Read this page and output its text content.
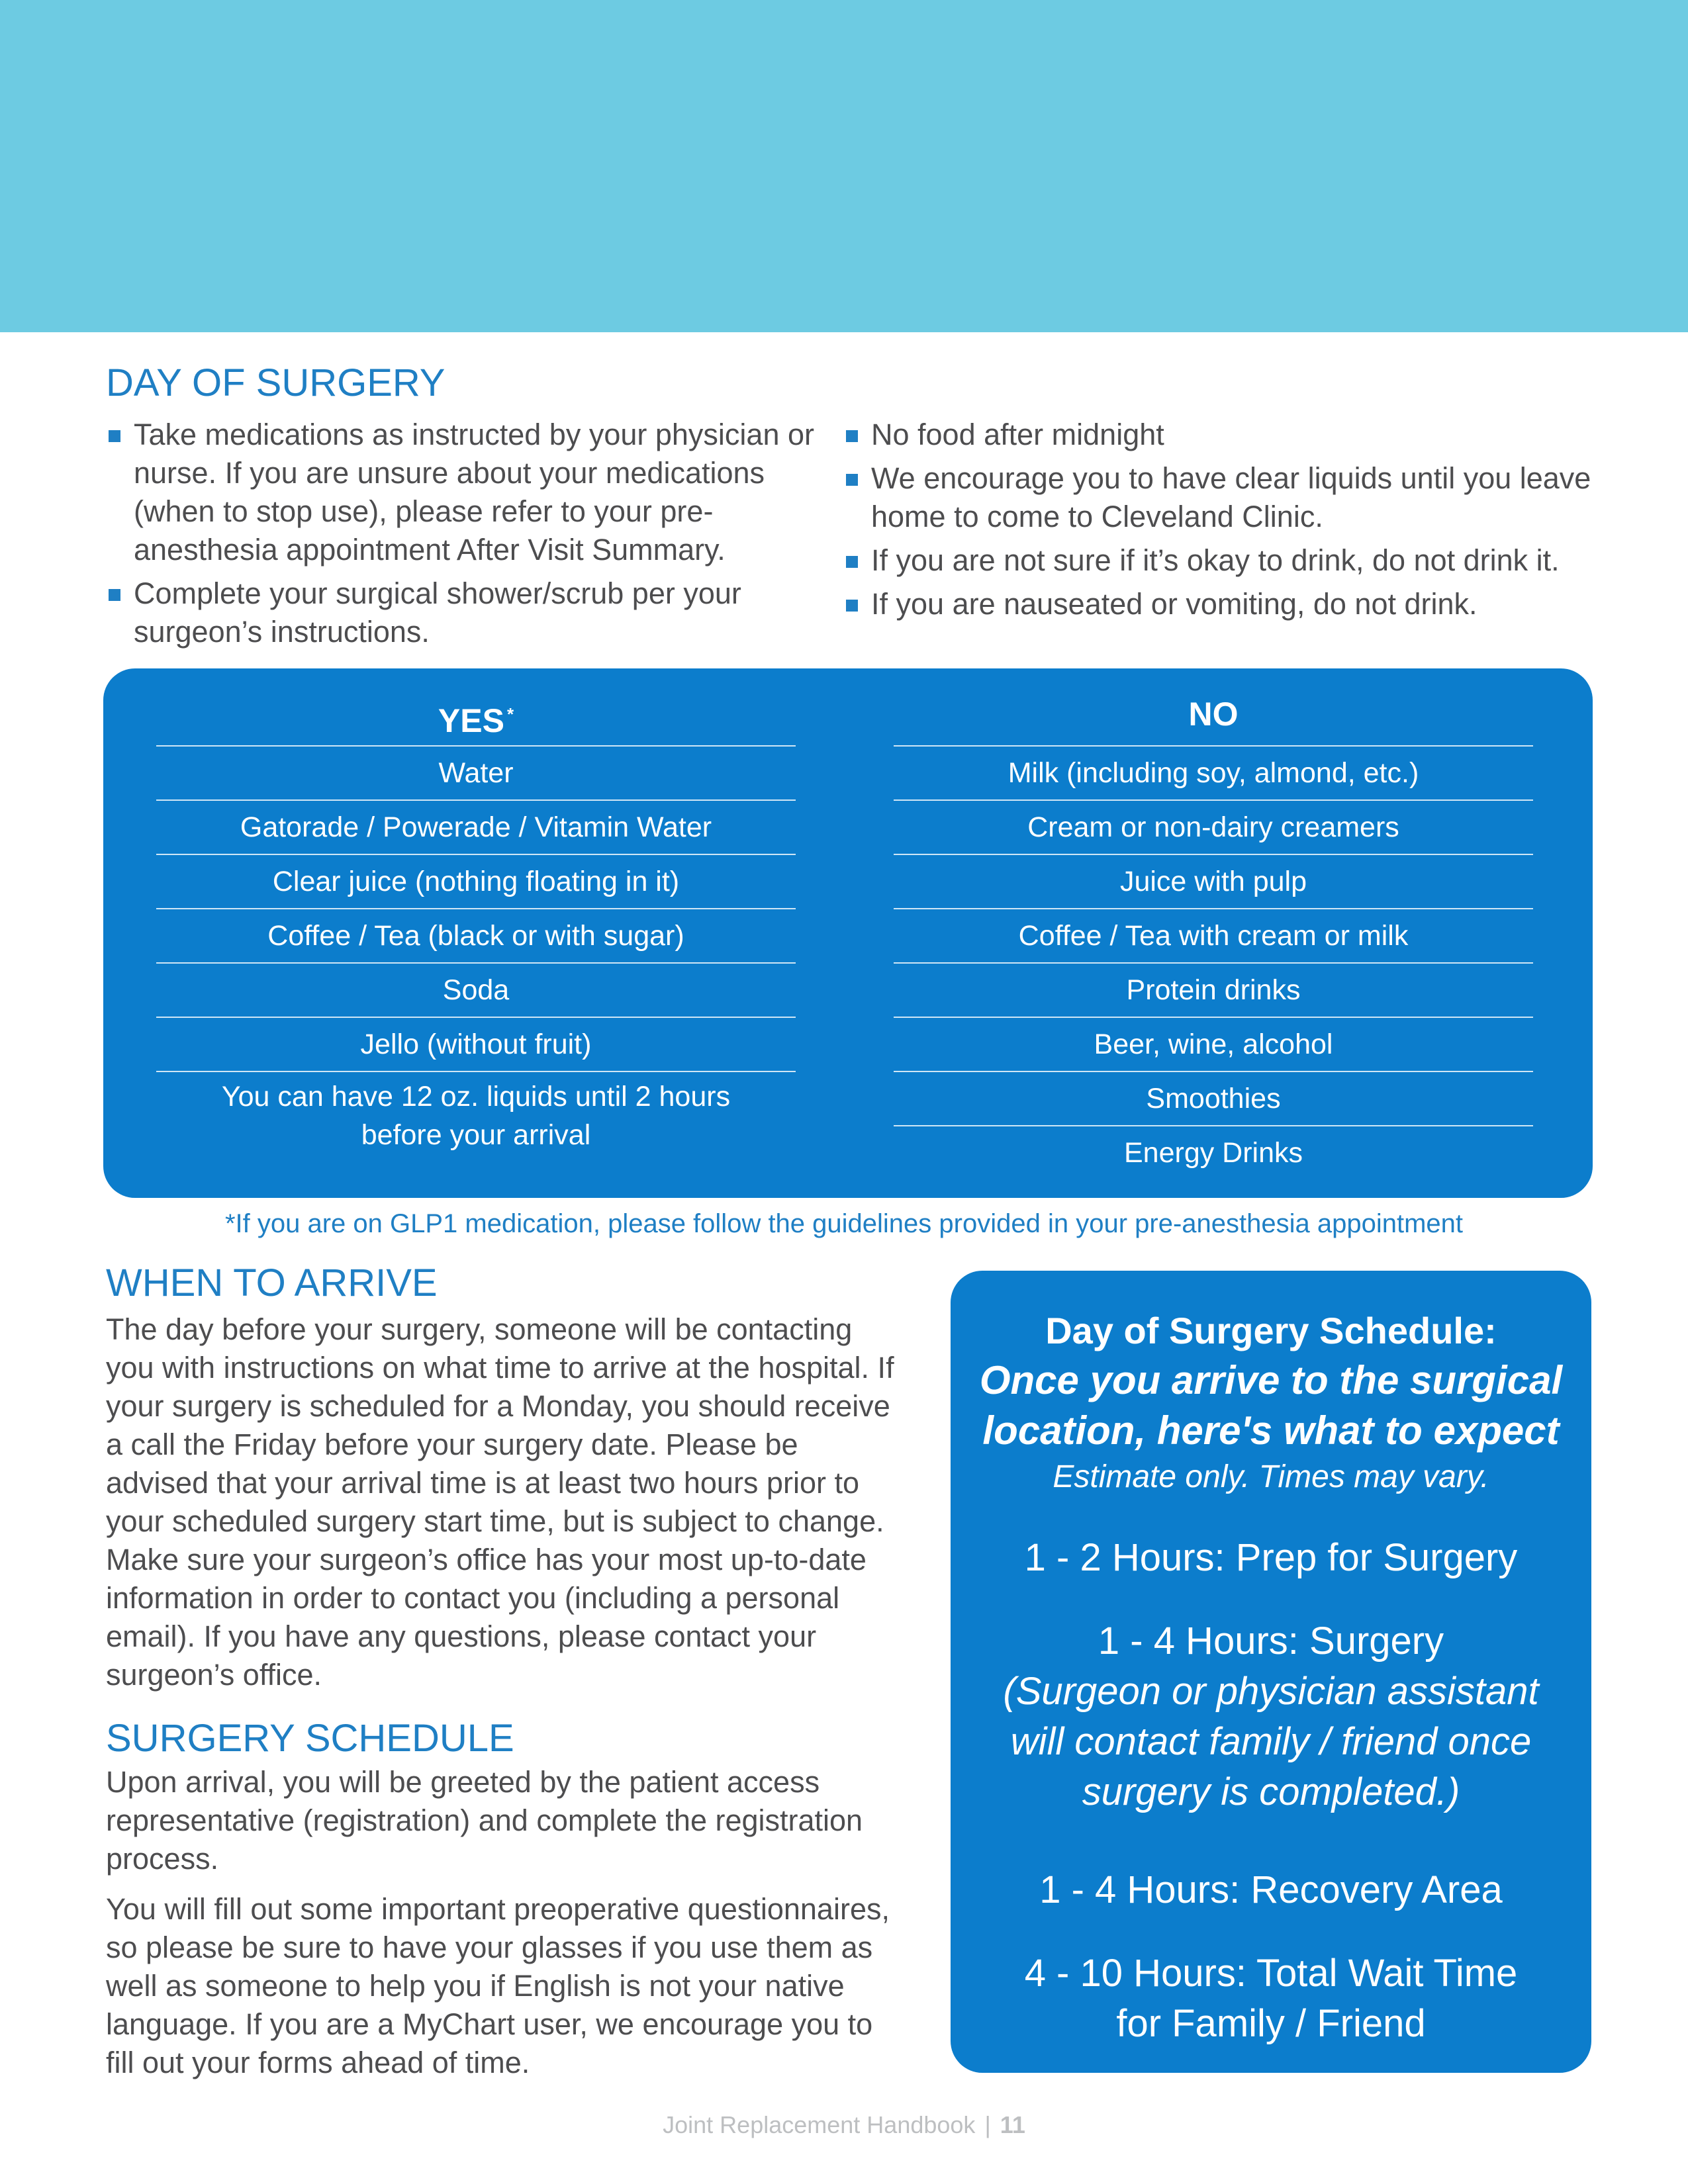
DAY OF SURGERY
Take medications as instructed by your physician or nurse. If you are unsure about your medications (when to stop use), please refer to your pre-anesthesia appointment After Visit Summary.
Complete your surgical shower/scrub per your surgeon’s instructions.
No food after midnight
We encourage you to have clear liquids until you leave home to come to Cleveland Clinic.
If you are not sure if it’s okay to drink, do not drink it.
If you are nauseated or vomiting, do not drink.
YES *
Water
Gatorade / Powerade / Vitamin Water
Clear juice (nothing floating in it)
Coffee / Tea (black or with sugar)
Soda
Jello (without fruit)
You can have 12 oz. liquids until 2 hours before your arrival
NO
Milk (including soy, almond, etc.)
Cream or non-dairy creamers
Juice with pulp
Coffee / Tea with cream or milk
Protein drinks
Beer, wine, alcohol
Smoothies
Energy Drinks
*If you are on GLP1 medication, please follow the guidelines provided in your pre-anesthesia appointment
WHEN TO ARRIVE

The day before your surgery, someone will be contacting you with instructions on what time to arrive at the hospital. If your surgery is scheduled for a Monday, you should receive a call the Friday before your surgery date. Please be advised that your arrival time is at least two hours prior to your scheduled surgery start time, but is subject to change. Make sure your surgeon’s office has your most up-to-date information in order to contact you (including a personal email). If you have any questions, please contact your surgeon’s office.

SURGERY SCHEDULE

Upon arrival, you will be greeted by the patient access representative (registration) and complete the registration process.

You will fill out some important preoperative questionnaires, so please be sure to have your glasses if you use them as well as someone to help you if English is not your native language. If you are a MyChart user, we encourage you to fill out your forms ahead of time.

Day of Surgery Schedule:
Once you arrive to the surgical location, here's what to expect
Estimate only. Times may vary.
1 - 2 Hours: Prep for Surgery
1 - 4 Hours: Surgery
(Surgeon or physician assistant will contact family / friend once surgery is completed.)
1 - 4 Hours: Recovery Area
4 - 10 Hours: Total Wait Time for Family / Friend
Joint Replacement Handbook | 11
